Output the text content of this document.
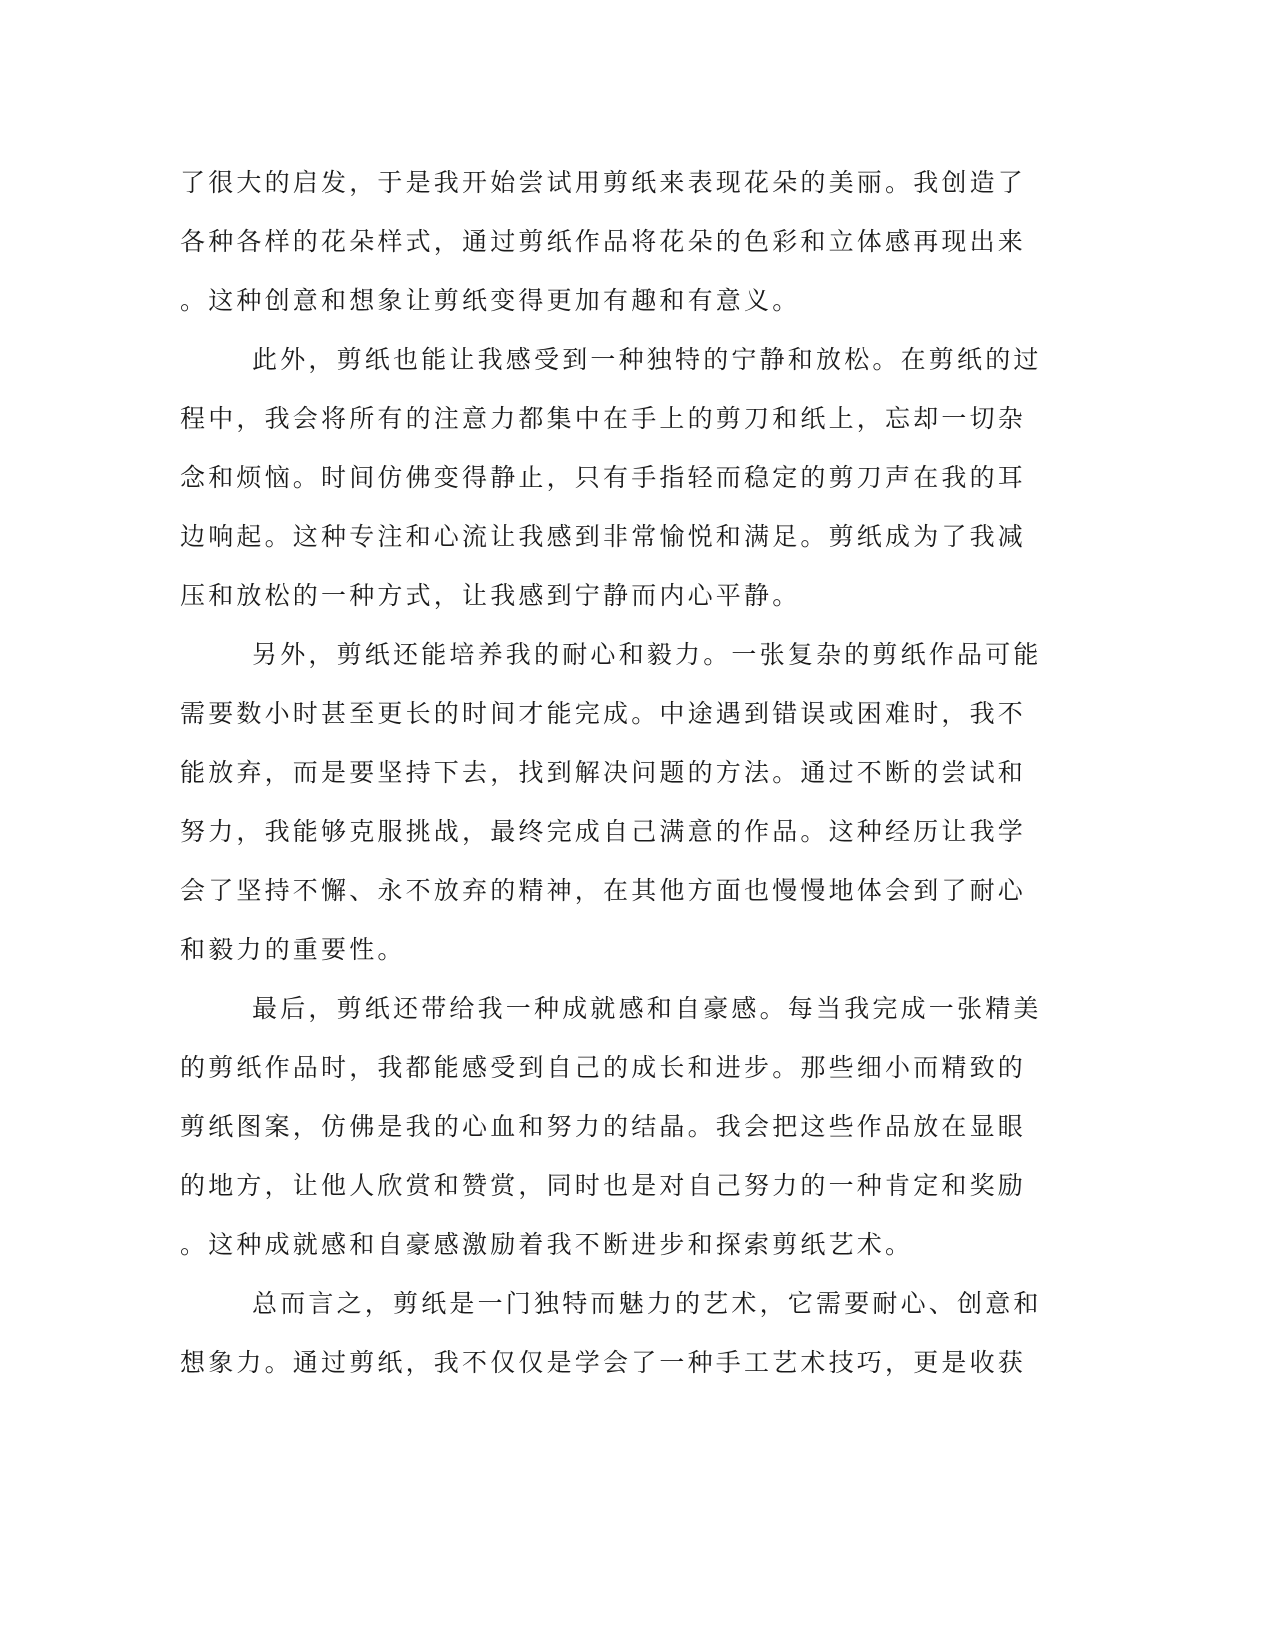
了很大的启发，于是我开始尝试用剪纸来表现花朵的美丽。我创造了
各种各样的花朵样式，通过剪纸作品将花朵的色彩和立体感再现出来
。这种创意和想象让剪纸变得更加有趣和有意义。
此外，剪纸也能让我感受到一种独特的宁静和放松。在剪纸的过
程中，我会将所有的注意力都集中在手上的剪刀和纸上，忘却一切杂
念和烦恼。时间仿佛变得静止，只有手指轻而稳定的剪刀声在我的耳
边响起。这种专注和心流让我感到非常愉悦和满足。剪纸成为了我减
压和放松的一种方式，让我感到宁静而内心平静。
另外，剪纸还能培养我的耐心和毅力。一张复杂的剪纸作品可能
需要数小时甚至更长的时间才能完成。中途遇到错误或困难时，我不
能放弃，而是要坚持下去，找到解决问题的方法。通过不断的尝试和
努力，我能够克服挑战，最终完成自己满意的作品。这种经历让我学
会了坚持不懈、永不放弃的精神，在其他方面也慢慢地体会到了耐心
和毅力的重要性。
最后，剪纸还带给我一种成就感和自豪感。每当我完成一张精美
的剪纸作品时，我都能感受到自己的成长和进步。那些细小而精致的
剪纸图案，仿佛是我的心血和努力的结晶。我会把这些作品放在显眼
的地方，让他人欣赏和赞赏，同时也是对自己努力的一种肯定和奖励
。这种成就感和自豪感激励着我不断进步和探索剪纸艺术。
总而言之，剪纸是一门独特而魅力的艺术，它需要耐心、创意和
想象力。通过剪纸，我不仅仅是学会了一种手工艺术技巧，更是收获
